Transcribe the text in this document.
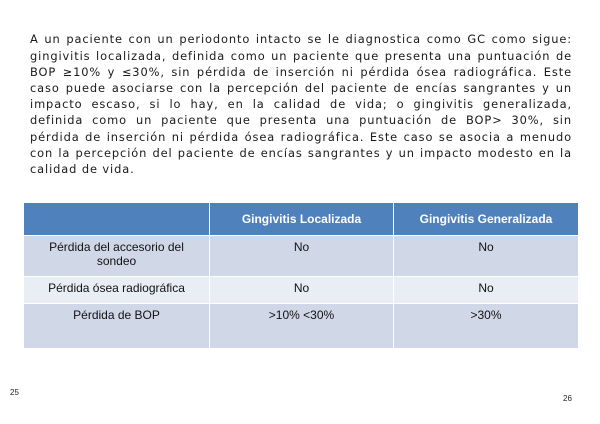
A un paciente con un periodonto intacto se le diagnostica como GC como sigue: gingivitis localizada, definida como un paciente que presenta una puntuación de BOP ≥10% y ≤30%, sin pérdida de inserción ni pérdida ósea radiográfica. Este caso puede asociarse con la percepción del paciente de encías sangrantes y un impacto escaso, si lo hay, en la calidad de vida; o gingivitis generalizada, definida como un paciente que presenta una puntuación de BOP> 30%, sin pérdida de inserción ni pérdida ósea radiográfica. Este caso se asocia a menudo con la percepción del paciente de encías sangrantes y un impacto modesto en la calidad de vida.

	Gingivitis Localizada	Gingivitis Generalizada
Pérdida del accesorio del sondeo	No	No
Pérdida ósea radiográfica	No	No
Pérdida de BOP	>10% <30%	>30%
25
26
